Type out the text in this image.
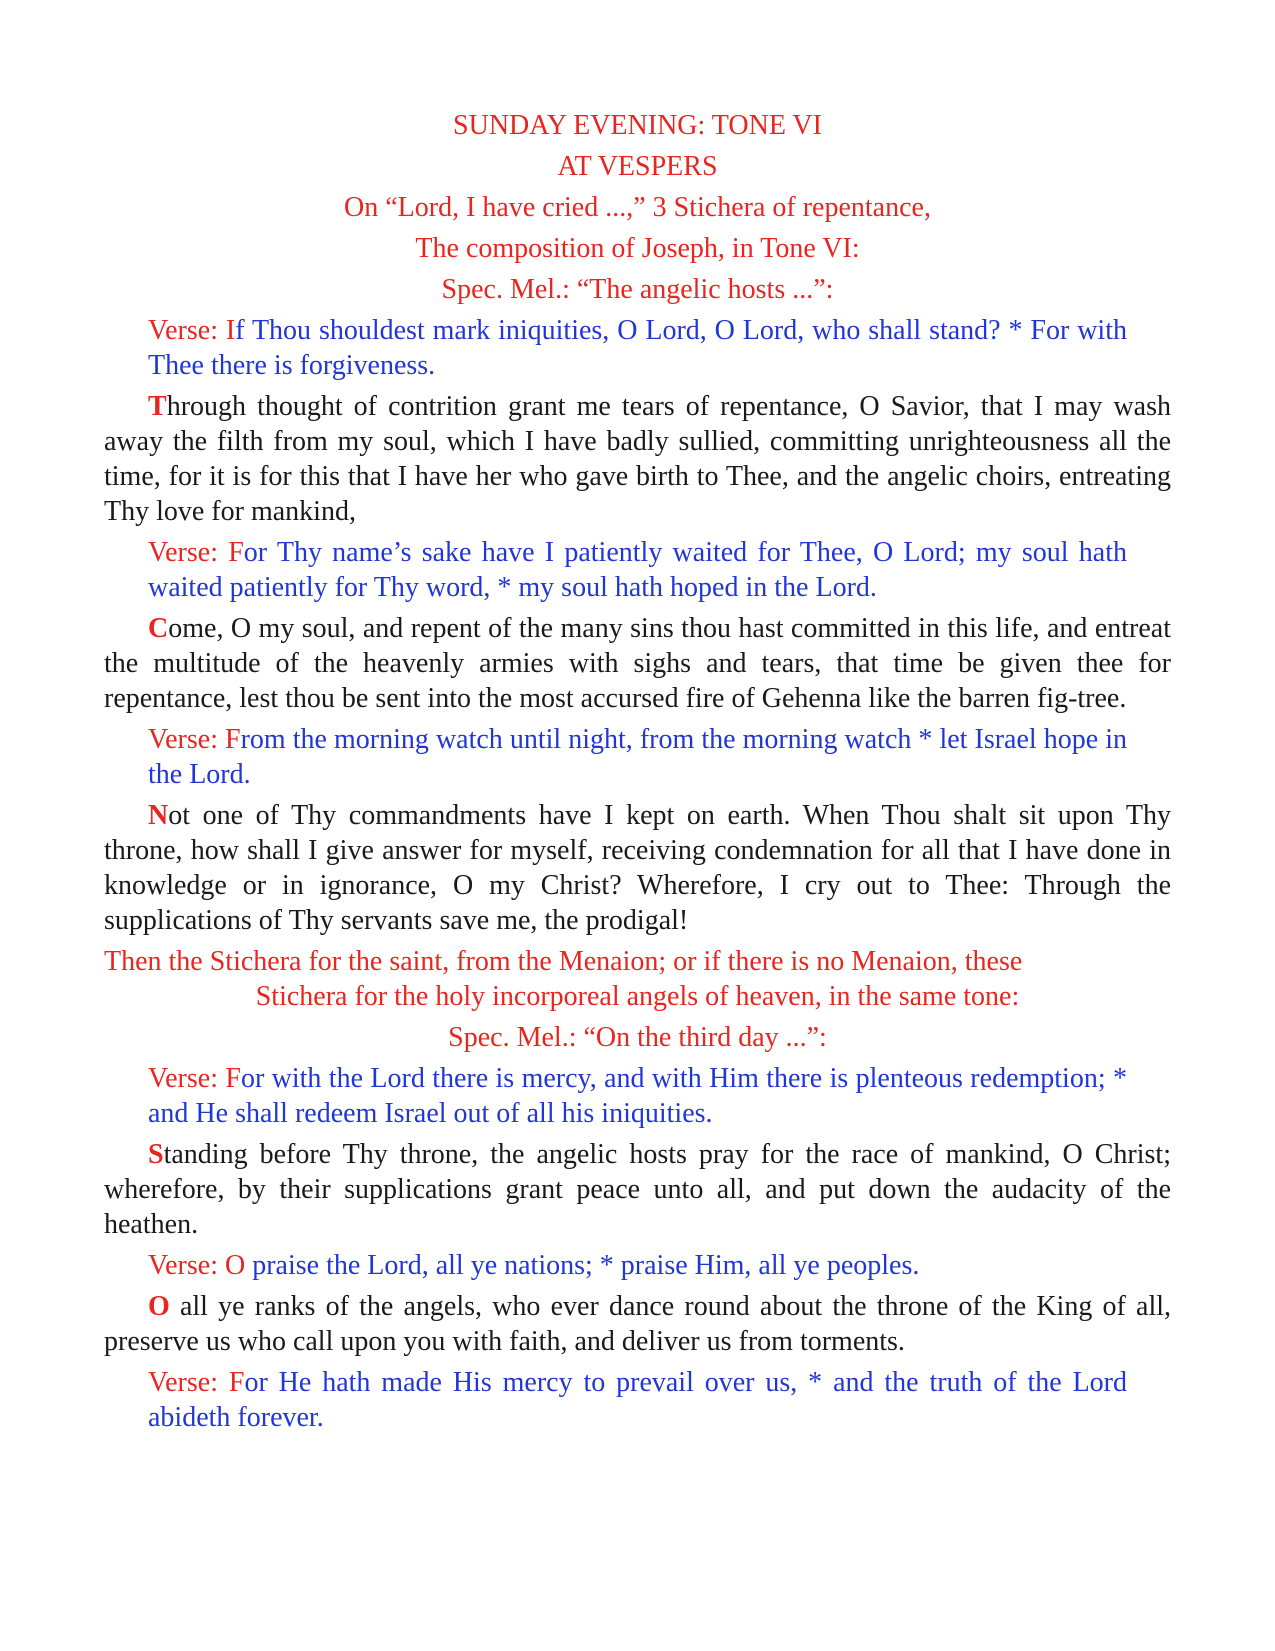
SUNDAY EVENING: TONE VI
AT VESPERS
On “Lord, I have cried ...,” 3 Stichera of repentance,
The composition of Joseph, in Tone VI:
Spec. Mel.: “The angelic hosts ...”:

Verse: If Thou shouldest mark iniquities, O Lord, O Lord, who shall stand? * For with Thee there is forgiveness.

Through thought of contrition grant me tears of repentance, O Savior, that I may wash away the filth from my soul, which I have badly sullied, committing unrighteousness all the time, for it is for this that I have her who gave birth to Thee, and the angelic choirs, entreating Thy love for mankind,

Verse: For Thy name’s sake have I patiently waited for Thee, O Lord; my soul hath waited patiently for Thy word, * my soul hath hoped in the Lord.

Come, O my soul, and repent of the many sins thou hast committed in this life, and entreat the multitude of the heavenly armies with sighs and tears, that time be given thee for repentance, lest thou be sent into the most accursed fire of Gehenna like the barren fig-tree.

Verse: From the morning watch until night, from the morning watch * let Israel hope in the Lord.

Not one of Thy commandments have I kept on earth. When Thou shalt sit upon Thy throne, how shall I give answer for myself, receiving condemnation for all that I have done in knowledge or in ignorance, O my Christ? Wherefore, I cry out to Thee: Through the supplications of Thy servants save me, the prodigal!

Then the Stichera for the saint, from the Menaion; or if there is no Menaion, these

Stichera for the holy incorporeal angels of heaven, in the same tone:

Spec. Mel.: “On the third day ...”:

Verse: For with the Lord there is mercy, and with Him there is plenteous redemption; * and He shall redeem Israel out of all his iniquities.

Standing before Thy throne, the angelic hosts pray for the race of mankind, O Christ; wherefore, by their supplications grant peace unto all, and put down the audacity of the heathen.

Verse: O praise the Lord, all ye nations; * praise Him, all ye peoples.

O all ye ranks of the angels, who ever dance round about the throne of the King of all, preserve us who call upon you with faith, and deliver us from torments.

Verse: For He hath made His mercy to prevail over us, * and the truth of the Lord abideth forever.
